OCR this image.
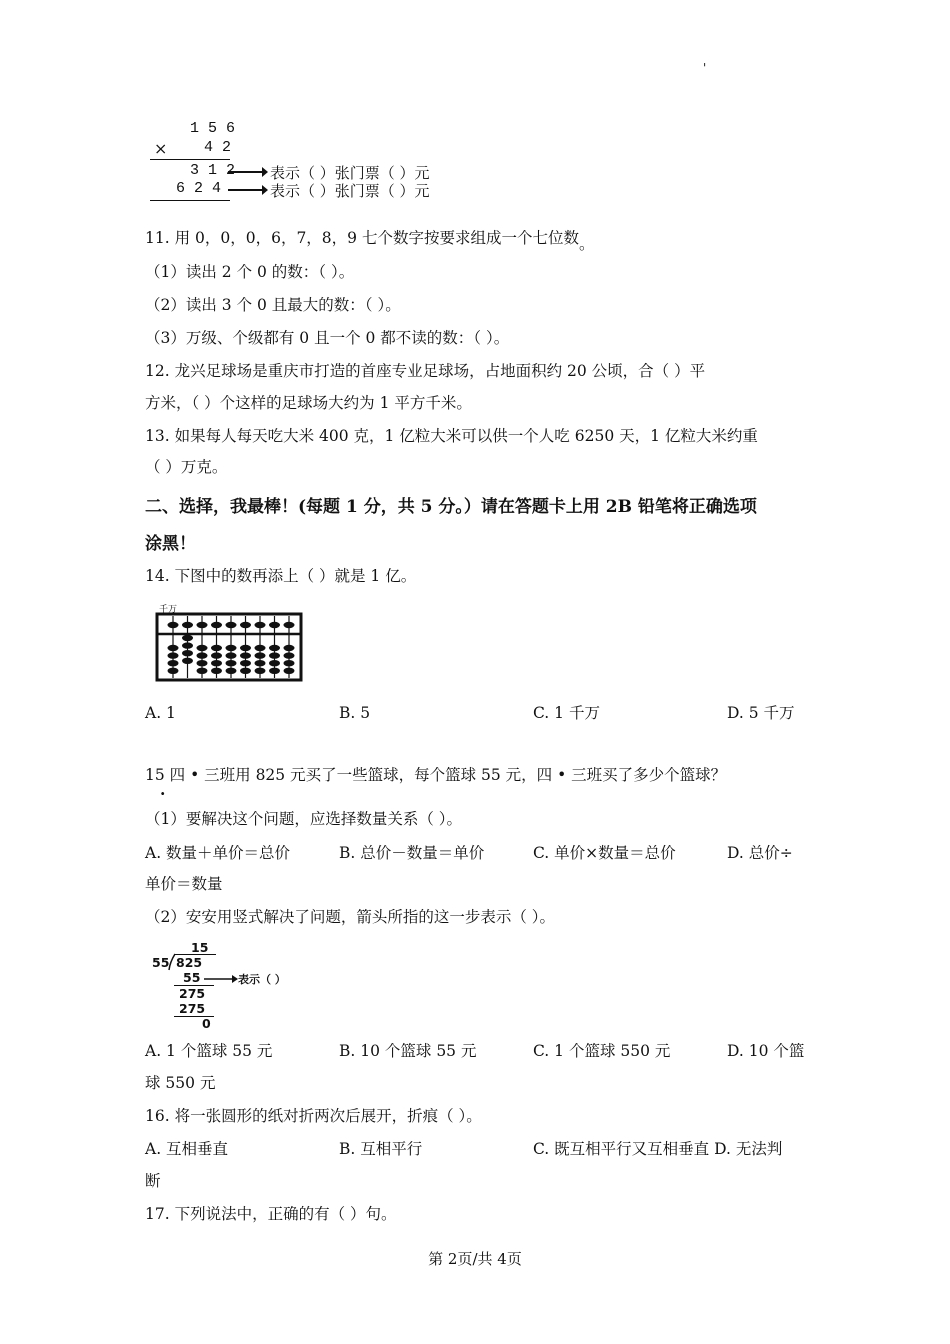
'
1 5 6
× 4 2
3 1 2
6 2 4
表示（ ）张门票（ ）元
表示（ ）张门票（ ）元
11. 用 0，0，0，6，7，8，9 七个数字按要求组成一个七位数。
（1）读出 2 个 0 的数：（ ）。
（2）读出 3 个 0 且最大的数：（ ）。
（3）万级、个级都有 0 且一个 0 都不读的数：（ ）。
12. 龙兴足球场是重庆市打造的首座专业足球场，占地面积约 20 公顷，合（ ）平
方米，（ ）个这样的足球场大约为 1 平方千米。
13. 如果每人每天吃大米 400 克，1 亿粒大米可以供一个人吃 6250 天，1 亿粒大米约重
（ ）万克。
二、选择，我最棒！(每题 1 分，共 5 分。）请在答题卡上用 2B 铅笔将正确选项
涂黑！
14. 下图中的数再添上（ ）就是 1 亿。
千万
A. 1	B. 5	C. 1 千万	D. 5 千万
15 四 • 三班用 825 元买了一些篮球，每个篮球 55 元，四 • 三班买了多少个篮球？
.
（1）要解决这个问题，应选择数量关系（ ）。
A. 数量＋单价＝总价	B. 总价－数量＝单价	C. 单价×数量＝总价	D. 总价÷
单价＝数量
（2）安安用竖式解决了问题，箭头所指的这一步表示（ ）。
15
55 825
55	表示（ ）
275
275
0
A. 1 个篮球 55 元	B. 10 个篮球 55 元	C. 1 个篮球 550 元	D. 10 个篮
球 550 元
16. 将一张圆形的纸对折两次后展开，折痕（ ）。
A. 互相垂直	B. 互相平行	C. 既互相平行又互相垂直 D. 无法判
断
17. 下列说法中，正确的有（ ）句。
第 2页/共 4页
